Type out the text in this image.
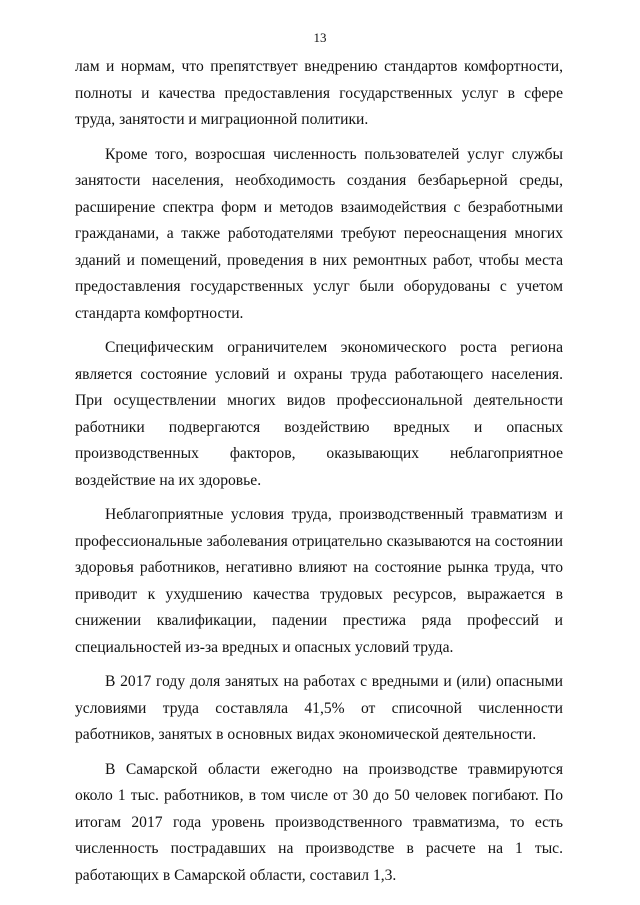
13

лам и нормам, что препятствует внедрению стандартов комфортности, полноты и качества предоставления государственных услуг в сфере труда, занятости и миграционной политики.

Кроме того, возросшая численность пользователей услуг службы занятости населения, необходимость создания безбарьерной среды, расширение спектра форм и методов взаимодействия с безработными гражданами, а также работодателями требуют переоснащения многих зданий и помещений, проведения в них ремонтных работ, чтобы места предоставления государственных услуг были оборудованы с учетом стандарта комфортности.

Специфическим ограничителем экономического роста региона является состояние условий и охраны труда работающего населения. При осуществлении многих видов профессиональной деятельности работники подвергаются воздействию вредных и опасных производственных факторов, оказывающих неблагоприятное воздействие на их здоровье.

Неблагоприятные условия труда, производственный травматизм и профессиональные заболевания отрицательно сказываются на состоянии здоровья работников, негативно влияют на состояние рынка труда, что приводит к ухудшению качества трудовых ресурсов, выражается в снижении квалификации, падении престижа ряда профессий и специальностей из-за вредных и опасных условий труда.

В 2017 году доля занятых на работах с вредными и (или) опасными условиями труда составляла 41,5% от списочной численности работников, занятых в основных видах экономической деятельности.

В Самарской области ежегодно на производстве травмируются около 1 тыс. работников, в том числе от 30 до 50 человек погибают. По итогам 2017 года уровень производственного травматизма, то есть численность пострадавших на производстве в расчете на 1 тыс. работающих в Самарской области, составил 1,3.
